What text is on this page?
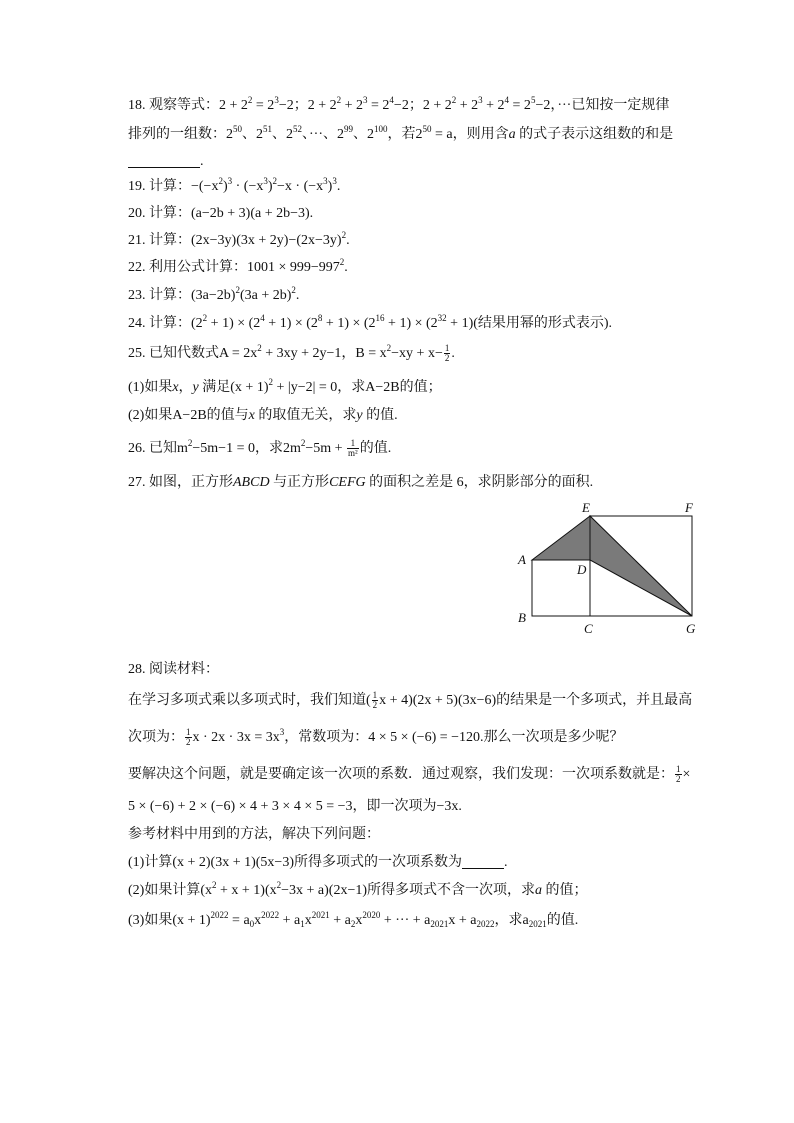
18. 观察等式：$2 + 2^2 = 2^3-2$；$2 + 2^2 + 2^3 = 2^4-2$；$2 + 2^2 + 2^3 + 2^4 = 2^5-2$，···已知按一定规律
排列的一组数：$2^{50}$、$2^{51}$、$2^{52}$、···、$2^{99}$、$2^{100}$，若$2^{50} = a$，则用含a 的式子表示这组数的和是
.
19. 计算：$-(-x^2)^3 \cdot (-x^3)^2-x \cdot (-x^3)^3$.
20. 计算：(a−2b + 3)(a + 2b−3).
21. 计算：$(2x-3y)(3x + 2y)-(2x-3y)^2$.
22. 利用公式计算：$1001 \times 999-997^2$.
23. 计算：$(3a-2b)^2(3a + 2b)^2$.
24. 计算：$(2^2 + 1) \times (2^4 + 1) \times (2^8 + 1) \times (2^{16} + 1) \times (2^{32} + 1)$(结果用幂的形式表示).
25. 已知代数式$A = 2x^2 + 3xy + 2y-1$，$B = x^2-xy + x- \frac{1}{2}$ .
(1)如果x，y 满足$(x + 1)^2 + |y-2| = 0$，求A−2B的值；
(2)如果A−2B的值与x 的取值无关，求y 的值.
26. 已知$m^2-5m-1 = 0$，求$2m^2-5m + \frac{1}{\text{m²}}$ 的值.
27. 如图，正方形ABCD 与正方形CEFG 的面积之差是 6，求阴影部分的面积.
A
B
C
D
E	F
G
28. 阅读材料：
在学习多项式乘以多项式时，我们知道( $\frac{1}{2}$ x + 4)(2x + 5)(3x−6)的结果是一个多项式，并且最高
次项为： $\frac{1}{2}$ $x \cdot 2x \cdot 3x = 3x^3$，常数项为：4 × 5 × (−6) = −120.那么一次项是多少呢？
要解决这个问题，就是要确定该一次项的系数．通过观察，我们发现：一次项系数就是： $\frac{1}{2}$ ×
5 × (−6) + 2 × (−6) × 4 + 3 × 4 × 5 = −3，即一次项为−3x.
参考材料中用到的方法，解决下列问题：
(1)计算(x + 2)(3x + 1)(5x−3)所得多项式的一次项系数为	.
(2)如果计算$(x^2 + x + 1)(x^2-3x + a)(2x-1)$所得多项式不含一次项，求a 的值；
(3)如果$(x + 1)^{2022} = a_0x^{2022} + a_1x^{2021} + a_2x^{2020}$ + ··· + $a_{2021}x + a_{2022}$，求$a_{2021}$的值.
